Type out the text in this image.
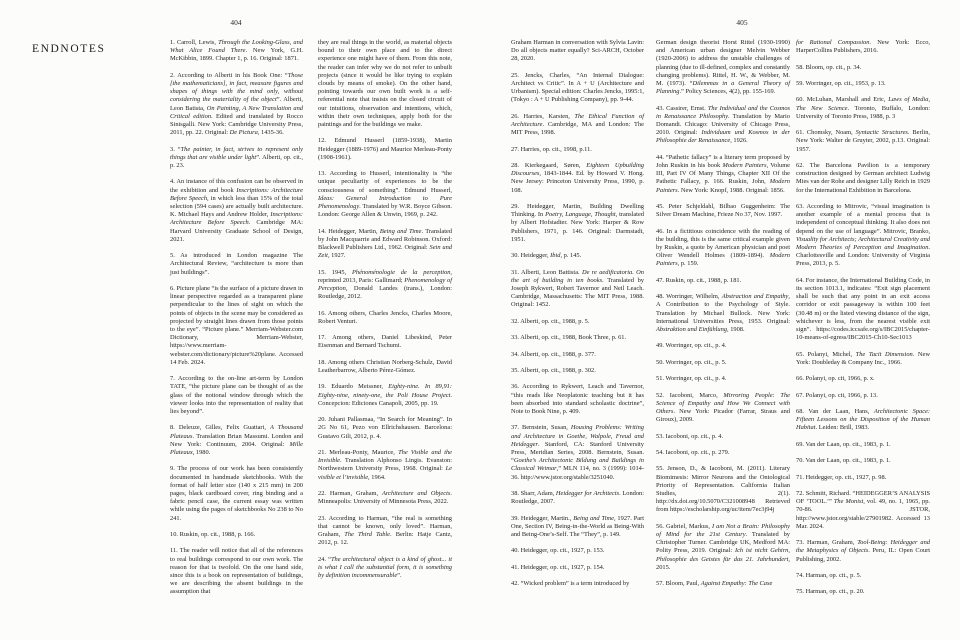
ENDNOTES
404	405

1. Carroll, Lewis, Through the Looking-Glass, and What Alice Found There. New York, G.H. McKibbin, 1899. Chapter 1, p. 16. Original: 1871.

2. According to Alberti in his Book One: “Those [the mathematicians], in fact, measure figures and shapes of things with the mind only, without considering the materiality of the object”. Alberti, Leon Batista, On Painting, A New Translation and Critical edition. Edited and translated by Rocco Sinisgalli. New York: Cambridge University Press, 2011, pp. 22. Original: De Pictura, 1435-36.

3. “The painter, in fact, strives to represent only things that are visible under light”. Alberti, op. cit., p. 23.

4. An instance of this confusion can be observed in the exhibition and book Inscriptions: Architecture Before Speech, in which less than 15% of the total selection (594 cases) are actually built architecture. K. Michael Hays and Andrew Holder, Inscriptions: Architecture Before Speech. Cambridge MA: Harvard University Graduate School of Design, 2021.

5. As introduced in London magazine The Architectural Review, “architecture is more than just buildings”.

6. Picture plane “is the surface of a picture drawn in linear perspective regarded as a transparent plane perpendicular to the lines of sight on which the points of objects in the scene may be considered as projected by straight lines drawn from those points to the eye”. “Picture plane.” Merriam-Webster.com Dictionary, Merriam-Webster, https://www.merriam-webster.com/dictionary/picture%20plane. Accessed 14 Feb. 2024.

7. According to the on-line art-term by London TATE, “the picture plane can be thought of as the glass of the notional window through which the viewer looks into the representation of reality that lies beyond”.

8. Deleuze, Gilles, Felix Guattari, A Thousand Plateaus. Translation Brian Massumi. London and New York: Continuum, 2004. Original: Mille Plateaux, 1980.

9. The process of our work has been consistently documented in handmade sketchbooks. With the format of half letter size (140 x 215 mm) in 200 pages, black cardboard cover, ring binding and a fabric pencil case, the current essay was written while using the pages of sketchbooks No 238 to No 241.

10. Ruskin, op. cit., 1988, p. 166.

11. The reader will notice that all of the references to real buildings correspond to our own work. The reason for that is twofold. On the one hand side, since this is a book on representation of buildings, we are describing the absent buildings in the assumption that

they are real things in the world, as material objects bound to their own place and to the direct experience one might have of them. From this note, the reader can infer why we do not refer to unbuilt projects (since it would be like trying to explain clouds by means of smoke). On the other hand, pointing towards our own built work is a self-referential note that insists on the closed circuit of our intuitions, observation and intentions, which, within their own techniques, apply both for the paintings and for the buildings we make.

12. Edmund Husserl (1859-1938), Martin Heidegger (1889-1976) and Maurice Merleau-Ponty (1908-1961).

13. According to Husserl, intentionality is “the unique peculiarity of experiences to be the consciousness of something”. Edmund Husserl, Ideas: General Introduction to Pure Phenomenology. Translated by W.R. Boyce Gibson. London: George Allen & Unwin, 1969, p. 242.

14. Heidegger, Martin, Being and Time. Translated by John Macquarrie and Edward Robinson. Oxford: Blackwell Publishers Ltd., 1962. Original: Sein und Zeit, 1927.

15. 1945, Phénoménologie de la perception, reprinted 2013, Paris: Gallimard; Phenomenology of Perception, Donald Landes (trans.), London: Routledge, 2012.

16. Among others, Charles Jencks, Charles Moore, Robert Venturi.

17. Among others, Daniel Libeskind, Peter Eisenman and Bernard Tschumi.

18. Among others Christian Norberg-Schulz, David Leatherbarrow, Alberto Pérez-Gómez.

19. Eduardo Meissner, Eighty-nine. In 89,91: Eighty-nine, ninety-one, the Poli House Project. Concepcion: Ediciones Canapoli, 2005, pp. 19.

20. Juhani Pallasmaa, “In Search for Meaning”. In 2G No 61, Pezo von Ellrichshausen. Barcelona: Gustavo Gili, 2012, p. 4.

21. Merleau-Ponty, Maurice, The Visible and the Invisible. Translation Alphonso Lingis. Evanston: Northwestern University Press, 1968. Original: Le visible et l’invisible, 1964.

22. Harman, Graham, Architecture and Objects. Minneapolis: University of Minnesota Press, 2022.

23. According to Harman, “the real is something that cannot be known, only loved”. Harman, Graham, The Third Table. Berlin: Hatje Cantz, 2012, p. 12.

24. “The architectural object is a kind of ghost... it is what I call the substantial form, it is something by definition incommensurable”.

Graham Harman in conversation with Sylvia Lavin: Do all objects matter equally? Sci-ARCH, October 28, 2020.

25. Jencks, Charles, “An Internal Dialogue: Architect vs Critic”. In A + U (Architecture and Urbanism). Special edition: Charles Jencks, 1995:1, (Tokyo : A + U Publishing Company), pp. 9-44.

26. Harries, Karsten, The Ethical Function of Architecture. Cambridge, MA and London: The MIT Press, 1998.

27. Harries, op. cit., 1998, p.11.

28. Kierkegaard, Søren, Eighteen Upbuilding Discourses, 1843-1844. Ed. by Howard V. Hong. New Jersey: Princeton University Press, 1990, p. 108.

29. Heidegger, Martin, Building Dwelling Thinking. In Poetry, Language, Thought, translated by Albert Hofstadter. New York: Harper & Row Publishers, 1971, p. 146. Original: Darmstadt, 1951.

30. Heidegger, Ibid, p. 145.

31. Alberti, Leon Battista. De re aedificatoria. On the art of building in ten books. Translated by Joseph Rykwert, Robert Tavernor and Neil Leach. Cambridge, Massachusetts: The MIT Press, 1988. Original: 1452.

32. Alberti, op. cit., 1988, p. 5.

33. Alberti, op. cit., 1988, Book Three, p. 61.

34. Alberti, op. cit., 1988, p. 377.

35. Alberti, op. cit., 1988, p. 302.

36. According to Rykwert, Leach and Tavernor, “this reads like Neoplatonic teaching but it has been absorbed into standard scholastic doctrine”, Note to Book Nine, p. 409.

37. Bernstein, Susan, Housing Problems: Writing and Architecture in Goethe, Walpole, Freud and Heidegger. Stanford, CA: Stanford University Press, Meridian Series, 2008. Bernstein, Susan. “Goethe’s Architectonic Bildung and Buildings in Classical Weimar,” MLN 114, no. 3 (1999): 1014-36. http://www.jstor.org/stable/3251040.

38. Sharr, Adam, Heidegger for Architects. London: Routledge, 2007.

39. Heidegger, Martin., Being and Time, 1927. Part One, Section IV, Being-in-the-World as Being-With and Being-One’s-Self. The “They”, p. 149.

40. Heidegger, op. cit., 1927, p. 153.

41. Heidegger, op. cit., 1927, p. 154.

42. “Wicked problem” is a term introduced by

German design theorist Horst Rittel (1930-1990) and American urban designer Melvin Webber (1920-2006) to address the unstable challenges of planning (due to ill-defined, complex and constantly changing problems). Rittel, H. W., & Webber, M. M. (1973). “Dilemmas in a General Theory of Planning.” Policy Sciences, 4(2), pp. 155-169.

43. Cassirer, Ernst. The Individual and the Cosmos in Renaissance Philosophy. Translation by Mario Domandi. Chicago: University of Chicago Press, 2010. Original: Individuum und Kosmos in der Philosophie der Renaissance, 1926.

44. “Pathetic fallacy” is a literary term proposed by John Ruskin in his book Modern Painters, Volume III, Part IV Of Many Things, Chapter XII Of the Pathetic Fallacy, p. 166. Ruskin, John, Modern Painters. New York: Knopf, 1988. Original: 1856.

45. Peter Schjeldahl, Bilbao Guggenheim: The Silver Dream Machine, Frieze No 37, Nov. 1997.

46. In a fictitious coincidence with the reading of the building, this is the same critical example given by Ruskin, a quote by American physician and poet Oliver Wendell Holmes (1809-1894). Modern Painters, p. 159.

47. Ruskin, op. cit., 1988, p. 181.

48. Worringer, Wilhelm, Abstraction and Empathy, A Contribution to the Psychology of Style. Translation by Michael Bullock. New York: International Universities Press, 1953. Original: Abstraktion und Einfühlung, 1908.

49. Worringer, op. cit., p. 4.

50. Worringer, op. cit., p. 5.

51. Worringer, op. cit., p. 4.

52. Iacoboni, Marco, Mirroring People: The Science of Empathy and How We Connect with Others. New York: Picador (Farrar, Straus and Giroux), 2009.

53. Iacoboni, op. cit., p. 4.

54. Iacoboni, op. cit., p. 279.

55. Jenson, D., & Iacoboni, M. (2011). Literary Biomimesis: Mirror Neurons and the Ontological Priority of Representation. California Italian Studies, 2(1). http://dx.doi.org/10.5070/C321008948 Retrieved from https://escholarship.org/uc/item/7ec3j94j

56. Gabriel, Markus, I am Not a Brain: Philosophy of Mind for the 21st Century. Translated by Christopher Turner. Cambridge UK, Medford MA: Polity Press, 2019. Original: Ich ist nicht Gehirn, Philosophie des Geistes für das 21. Jahrhundert, 2015.

57. Bloom, Paul, Against Empathy: The Case

for Rational Compassion. New York: Ecco, HarperCollins Publishers, 2016.

58. Bloom, op. cit., p. 34.

59. Worringer, op. cit., 1953, p. 13.

60. McLuhan, Marshall and Eric, Laws of Media, The New Science. Toronto, Buffalo, London: University of Toronto Press, 1988, p. 3

61. Chomsky, Noam, Syntactic Structures. Berlin, New York: Walter de Gruyter, 2002, p.13. Original: 1957.

62. The Barcelona Pavilion is a temporary construction designed by German architect Ludwig Mies van der Rohe and designer Lilly Reich in 1929 for the International Exhibition in Barcelona.

63. According to Mitrovic, “visual imagination is another example of a mental process that is independent of conceptual thinking. It also does not depend on the use of language”. Mitrovic, Branko, Visuality for Architects; Architectural Creativity and Modern Theories of Perception and Imagination. Charlottesville and London: University of Virginia Press, 2013, p. 5.

64. For instance, the International Building Code, in its section 1013.1, indicates: “Exit sign placement shall be such that any point in an exit access corridor or exit passageway is within 100 feet (30.48 m) or the listed viewing distance of the sign, whichever is less, from the nearest visible exit sign”. https://codes.iccsafe.org/s/IBC2015/chapter-10-means-of-egress/IBC2015-Ch10-Sec1013

65. Polanyi, Michel, The Tacit Dimension. New York: Doubleday & Company Inc., 1966.

66. Polanyi, op. cit, 1966, p. x.

67. Polanyi, op. cit, 1966, p. 13.

68. Van der Laan, Hans, Architectonic Space: Fifteen Lessons on the Disposition of the Human Habitat. Leiden: Brill, 1983.

69. Van der Laan, op. cit., 1983, p. 1.

70. Van der Laan, op. cit., 1983, p. 1.

71. Heidegger, op. cit., 1927, p. 98.

72. Schmitt, Richard. “HEIDEGGER’S ANALYSIS OF ‘TOOL.’” The Monist, vol. 49, no. 1, 1965, pp. 70-86. JSTOR, http://www.jstor.org/stable/27901982. Accessed 13 Mar. 2024.

73. Harman, Graham, Tool-Being: Heidegger and the Metaphysics of Objects. Peru, IL: Open Court Publishing, 2002.

74. Harman, op. cit., p. 5.

75. Harman, op. cit., p. 20.
